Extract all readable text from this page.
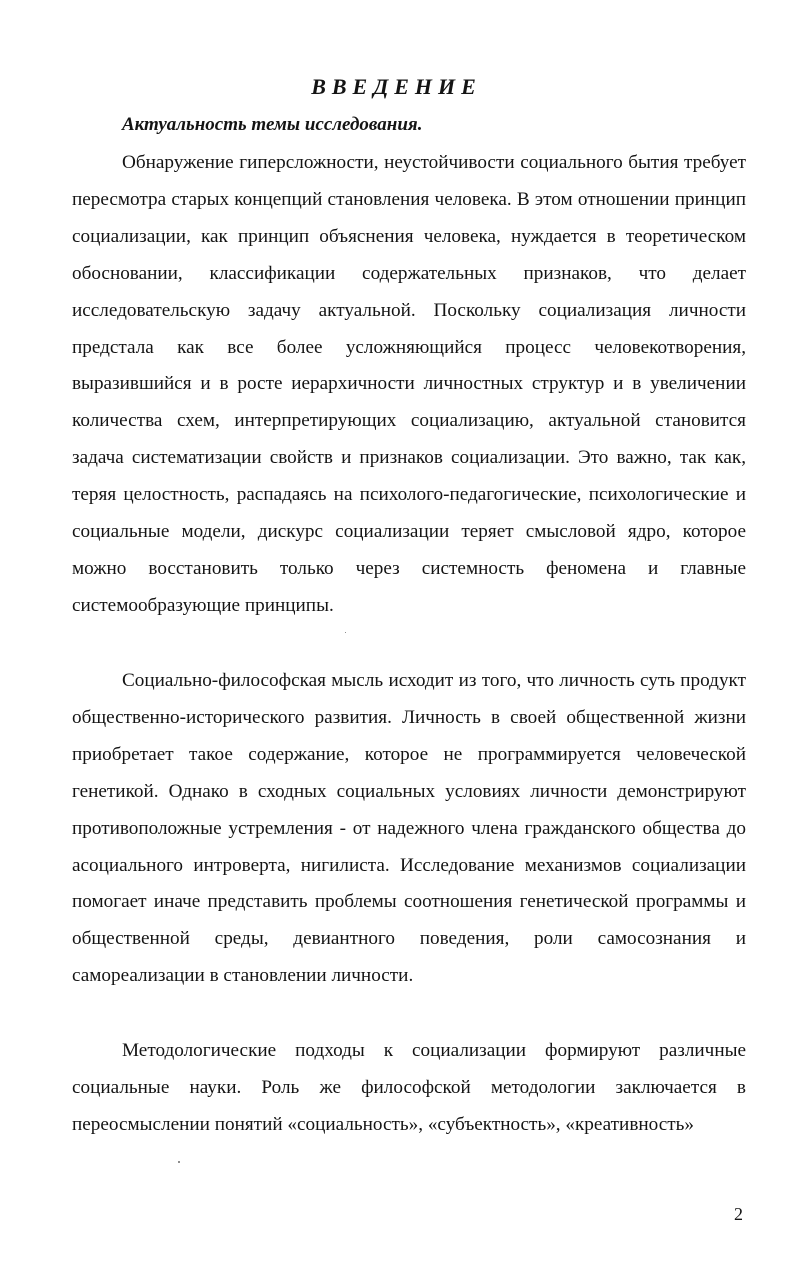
ВВЕДЕНИЕ
Актуальность темы исследования.

Обнаружение гиперсложности, неустойчивости социального бытия требует пересмотра старых концепций становления человека. В этом отношении принцип социализации, как принцип объяснения человека, нуждается в теоретическом обосновании, классификации содержательных признаков, что делает исследовательскую задачу актуальной. Поскольку социализация личности предстала как все более усложняющийся процесс человекотворения, выразившийся и в росте иерархичности личностных структур и в увеличении количества схем, интерпретирующих социализацию, актуальной становится задача систематизации свойств и признаков социализации. Это важно, так как, теряя целостность, распадаясь на психолого-педагогические, психологические и социальные модели, дискурс социализации теряет смысловой ядро, которое можно восстановить только через системность феномена и главные системообразующие принципы.

Социально-философская мысль исходит из того, что личность суть продукт общественно-исторического развития. Личность в своей общественной жизни приобретает такое содержание, которое не программируется человеческой генетикой. Однако в сходных социальных условиях личности демонстрируют противоположные устремления - от надежного члена гражданского общества до асоциального интроверта, нигилиста. Исследование механизмов социализации помогает иначе представить проблемы соотношения генетической программы и общественной среды, девиантного поведения, роли самосознания и самореализации в становлении личности.

Методологические подходы к социализации формируют различные социальные науки. Роль же философской методологии заключается в переосмыслении понятий «социальность», «субъектность», «креативность»

2
